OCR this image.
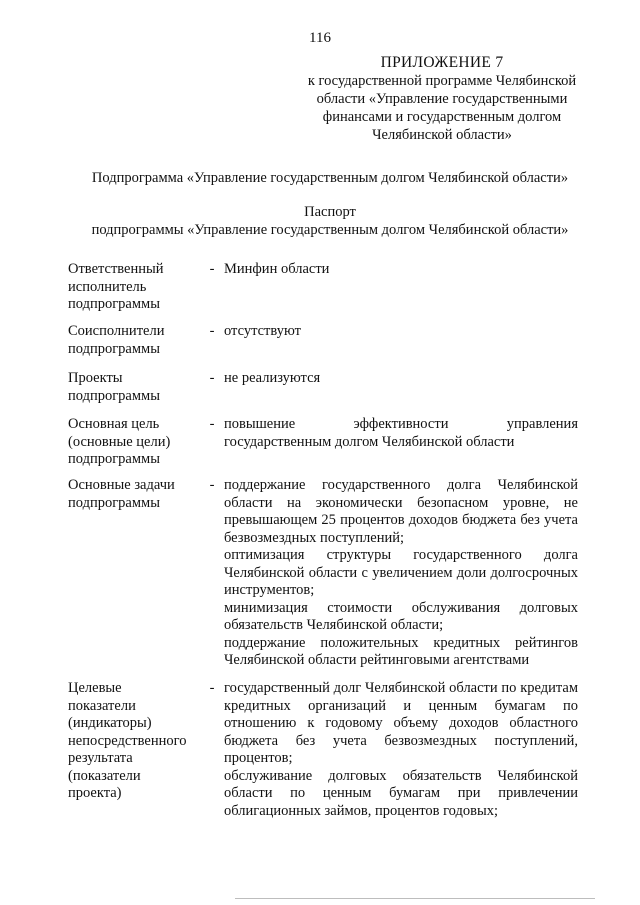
116
ПРИЛОЖЕНИЕ 7
к государственной программе Челябинской
области «Управление государственными
финансами и государственным долгом
Челябинской области»
Подпрограмма «Управление государственным долгом Челябинской области»
Паспорт
подпрограммы «Управление государственным долгом Челябинской области»
Ответственный
исполнитель
подпрограммы
- Минфин области

Соисполнители
подпрограммы
- отсутствуют

Проекты
подпрограммы
- не реализуются

Основная цель
(основные цели)
подпрограммы
- повышение эффективности управления государственным долгом Челябинской области

Основные задачи
подпрограммы
- поддержание государственного долга Челябинской области на экономически безопасном уровне, не превышающем 25 процентов доходов бюджета без учета безвозмездных поступлений;

оптимизация структуры государственного долга Челябинской области с увеличением доли долгосрочных инструментов;

минимизация стоимости обслуживания долговых обязательств Челябинской области;

поддержание положительных кредитных рейтингов Челябинской области рейтинговыми агентствами

Целевые
показатели
(индикаторы)
непосредственного
результата
(показатели
проекта)
- государственный долг Челябинской области по кредитам кредитных организаций и ценным бумагам по отношению к годовому объему доходов областного бюджета без учета безвозмездных поступлений, процентов;

обслуживание долговых обязательств Челябинской области по ценным бумагам при привлечении облигационных займов, процентов годовых;
